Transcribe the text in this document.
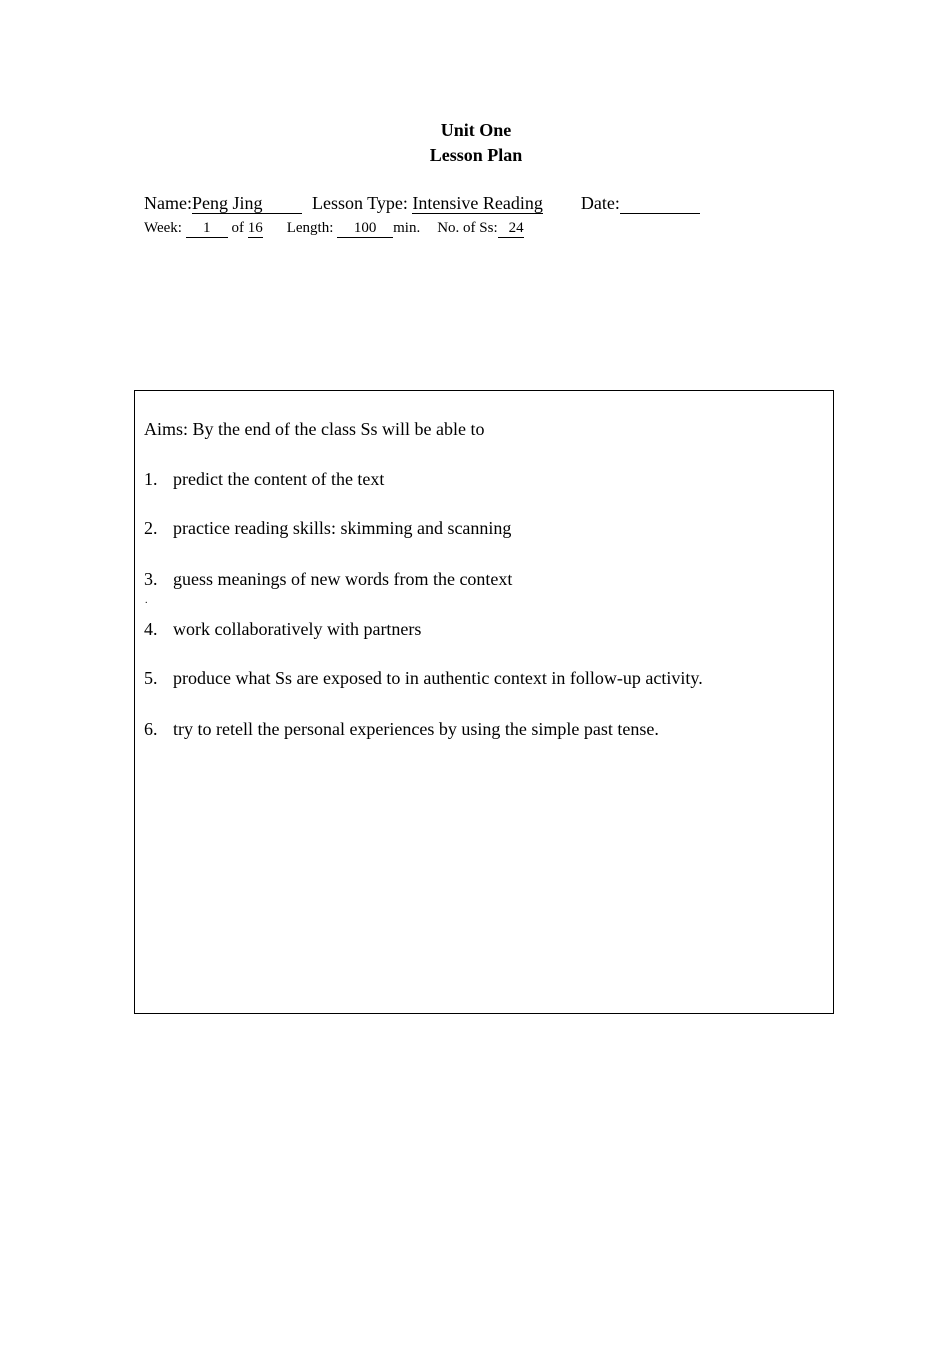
Unit One
Lesson Plan
Name:Peng Jing	Lesson Type: Intensive Reading Date:
Week: 1 of 16 Length: 100 min. No. of Ss: 24
Aims: By the end of the class Ss will be able to
1. predict the content of the text
2. practice reading skills: skimming and scanning
3. guess meanings of new words from the context
.
4. work collaboratively with partners
5. produce what Ss are exposed to in authentic context in follow-up activity.
6. try to retell the personal experiences by using the simple past tense.
